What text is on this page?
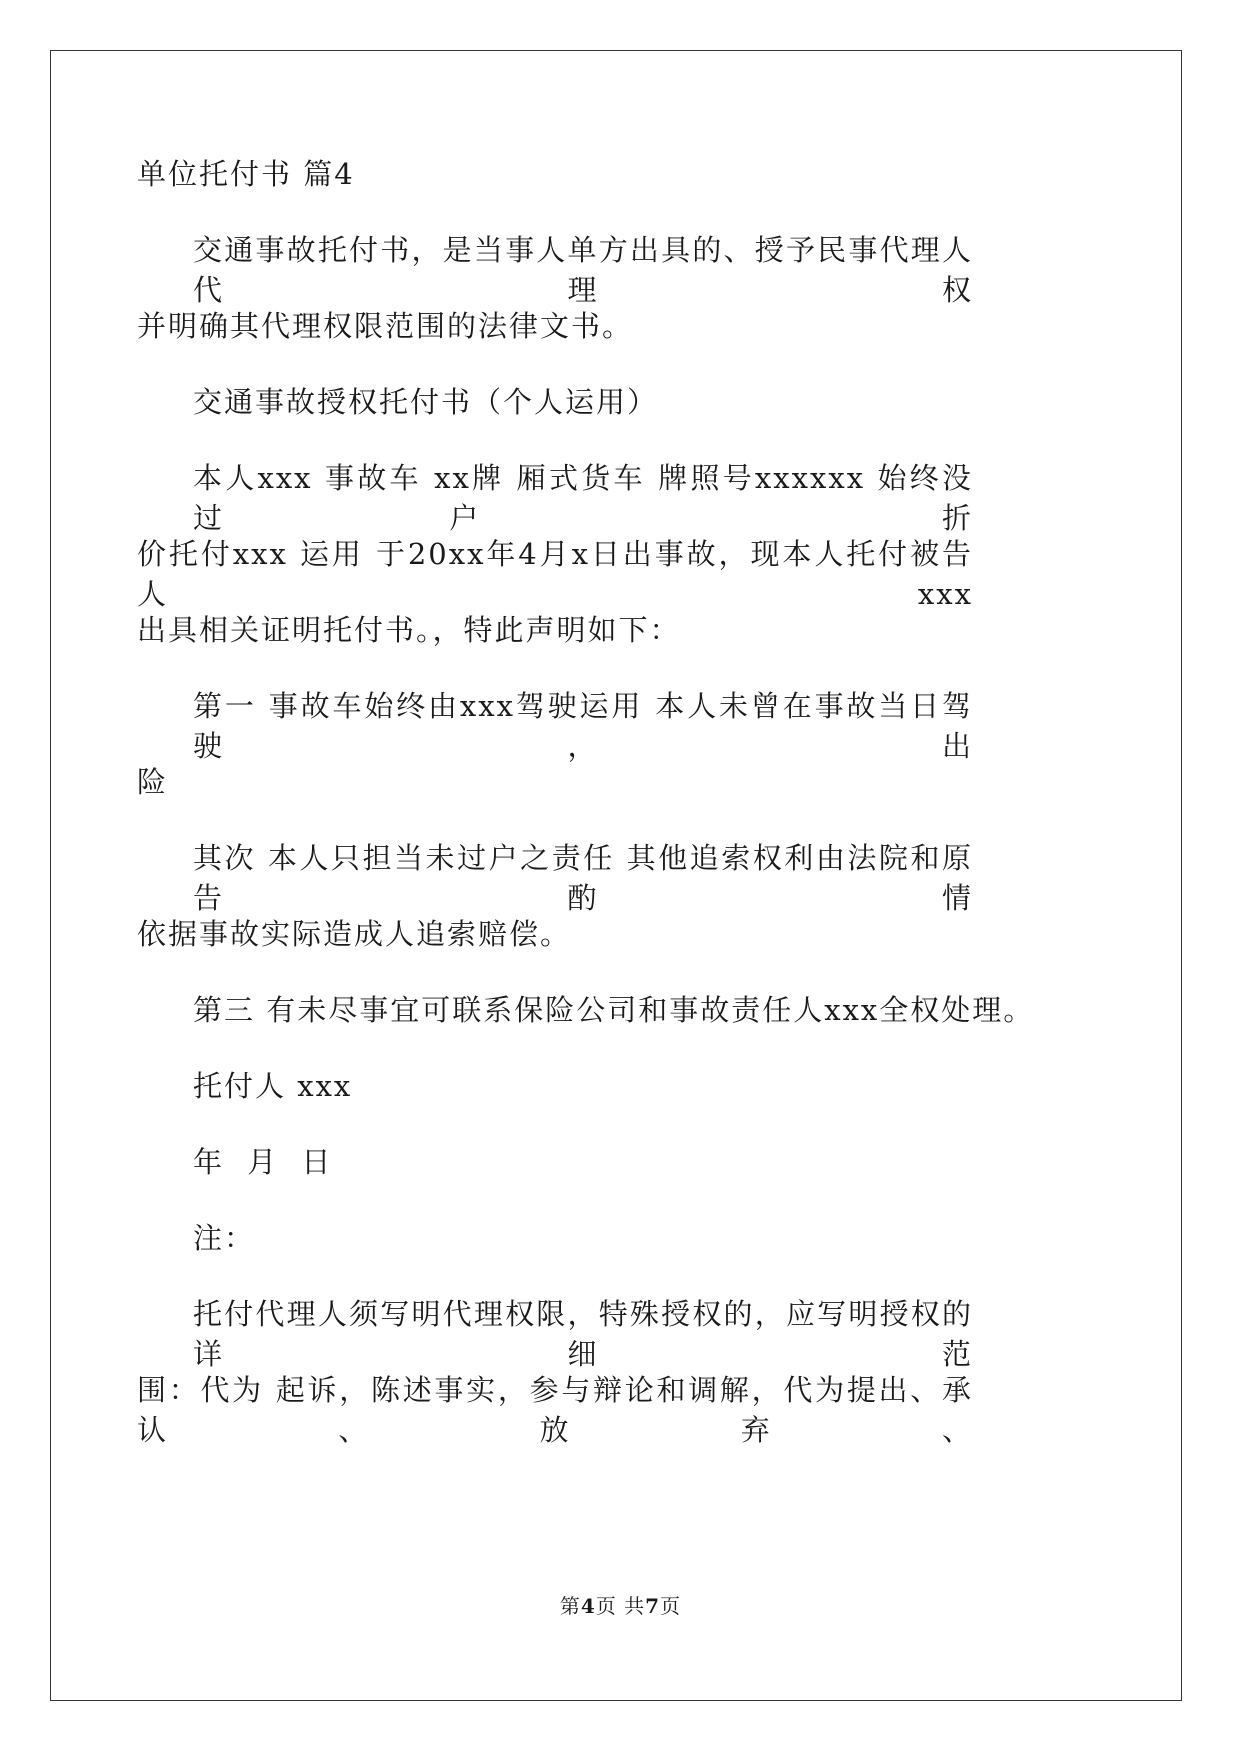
单位托付书 篇4
交通事故托付书，是当事人单方出具的、授予民事代理人代理权
并明确其代理权限范围的法律文书。
交通事故授权托付书（个人运用）
本人xxx 事故车 xx牌 厢式货车 牌照号xxxxxx 始终没过户 折
价托付xxx 运用 于20xx年4月x日出事故，现本人托付被告人xxx
出具相关证明托付书。，特此声明如下：
第一 事故车始终由xxx驾驶运用 本人未曾在事故当日驾驶，出
险
其次 本人只担当未过户之责任 其他追索权利由法院和原告酌情
依据事故实际造成人追索赔偿。
第三 有未尽事宜可联系保险公司和事故责任人xxx全权处理。
托付人 xxx
年 月 日
注：
托付代理人须写明代理权限，特殊授权的，应写明授权的详细范
围：代为 起诉，陈述事实，参与辩论和调解，代为提出、承认、放弃、
第4页 共7页
